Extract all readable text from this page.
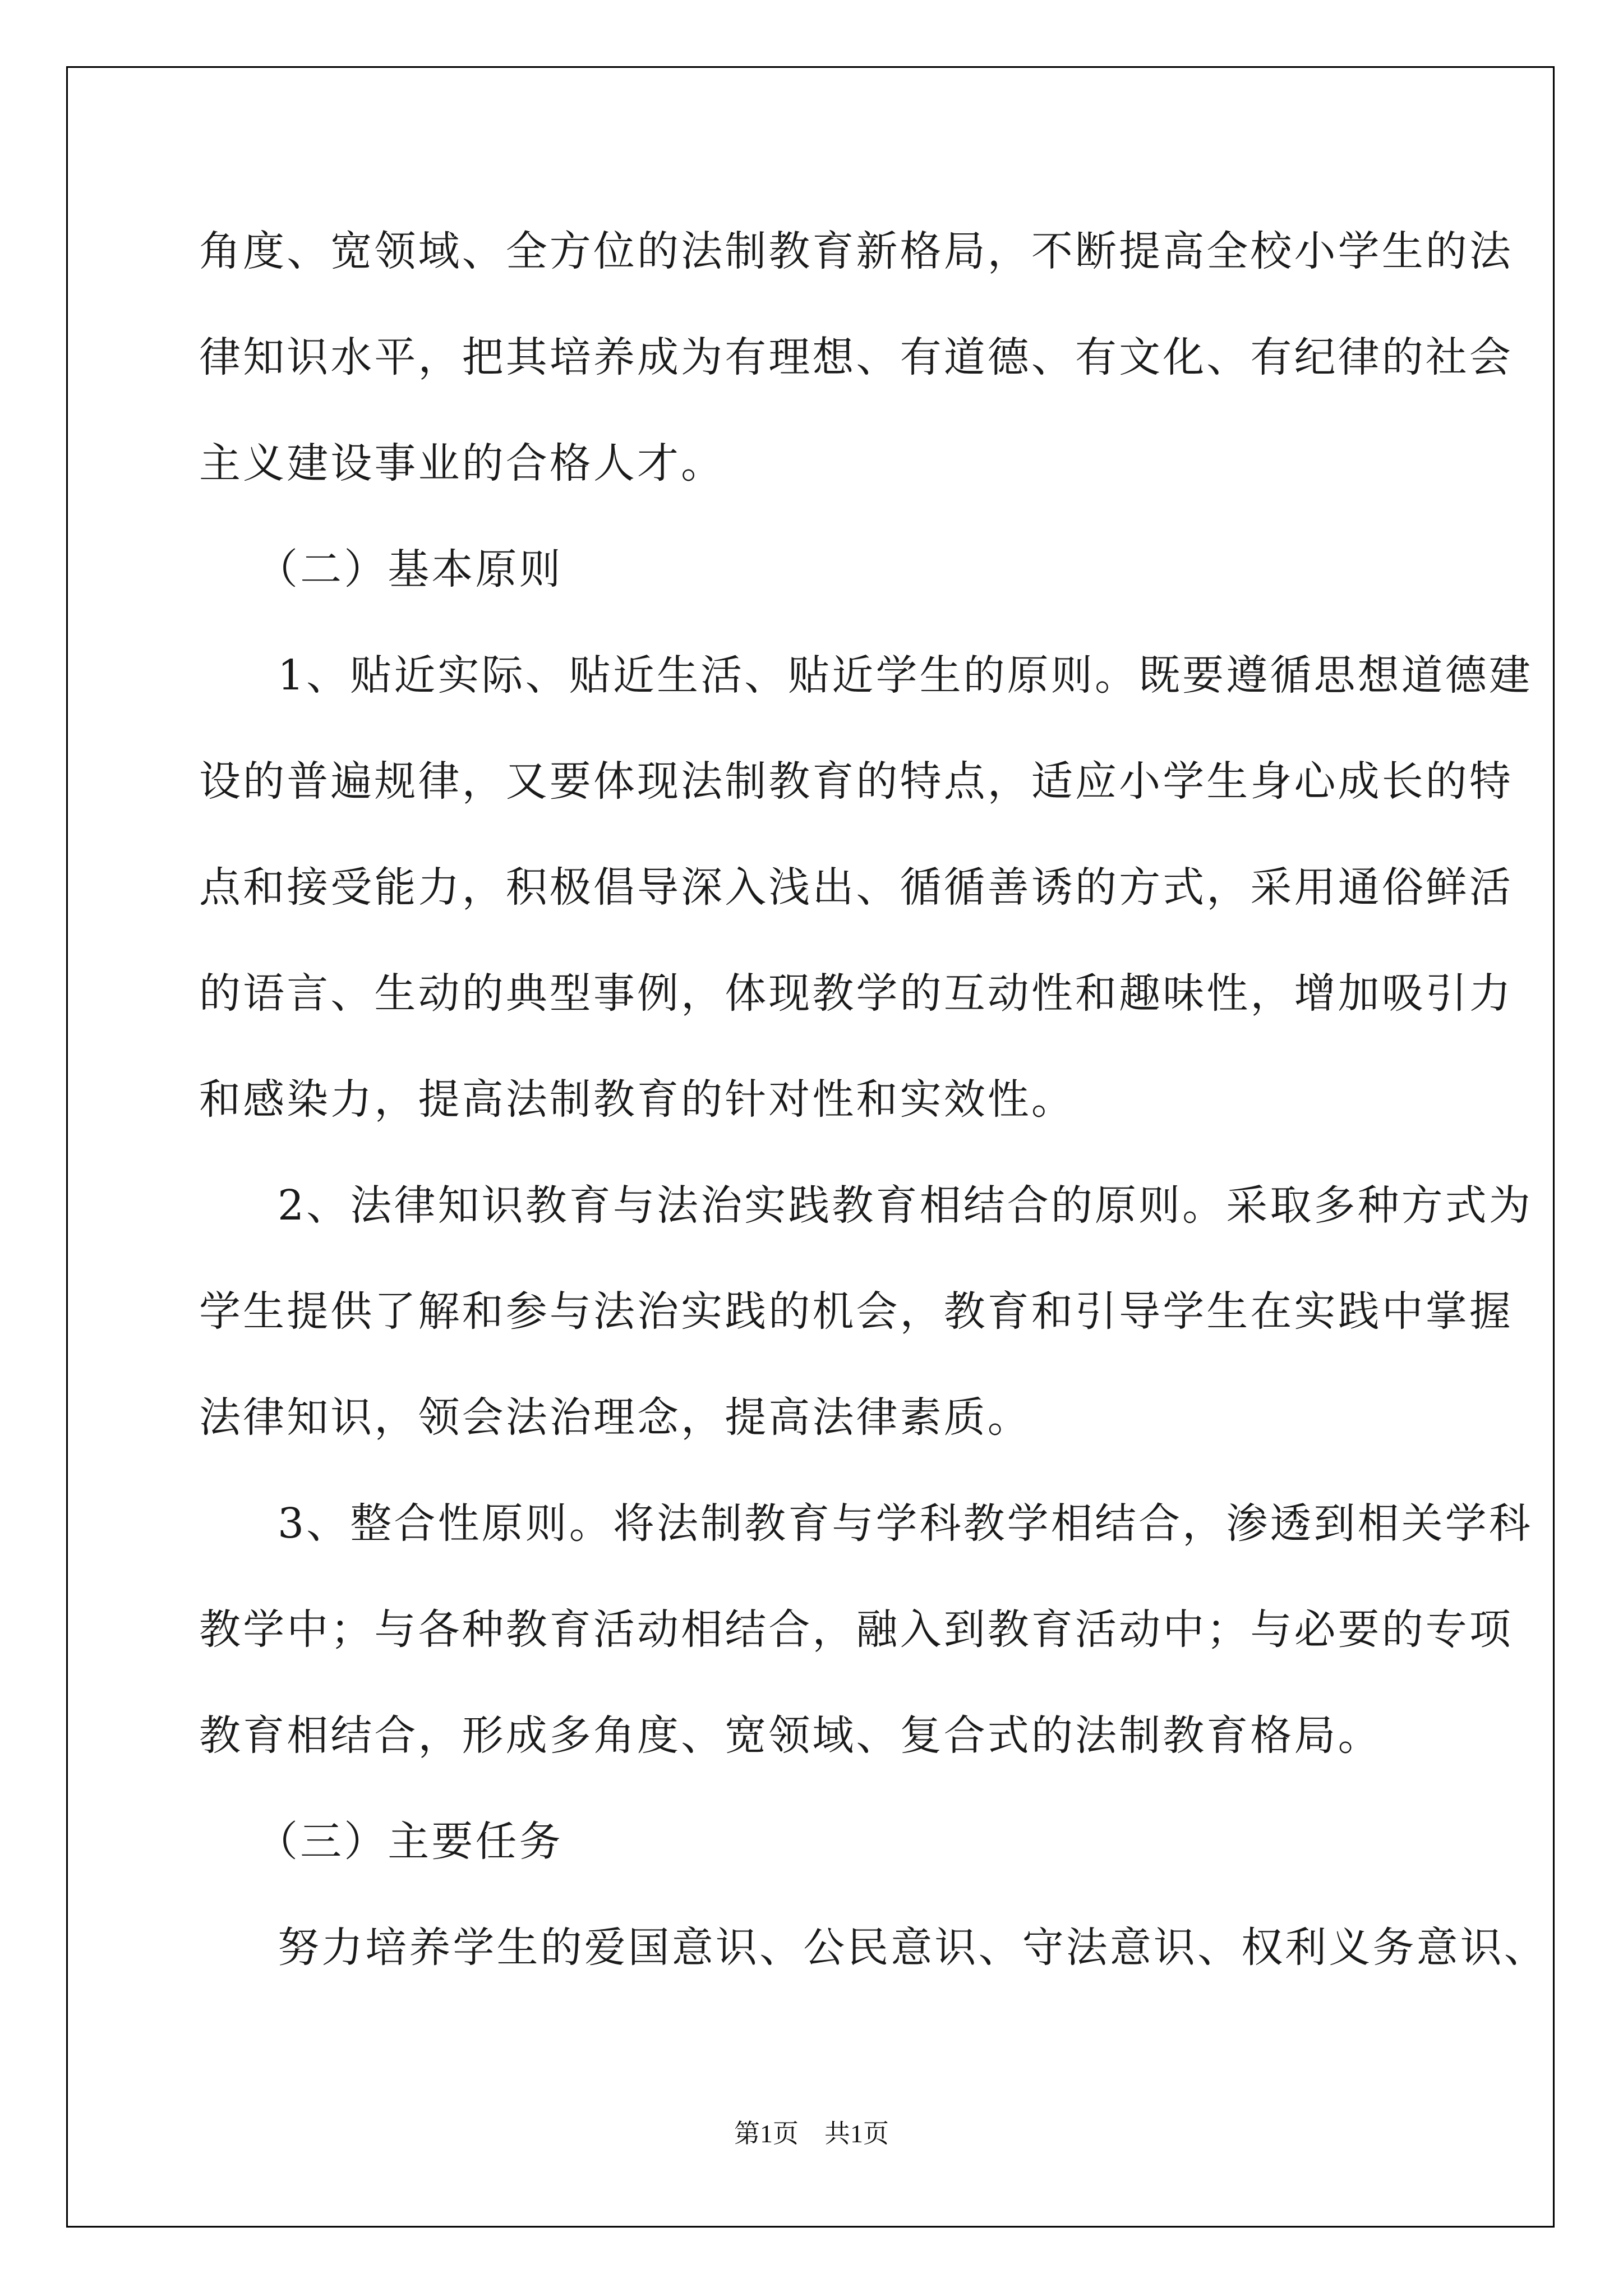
角度、宽领域、全方位的法制教育新格局，不断提高全校小学生的法
律知识水平，把其培养成为有理想、有道德、有文化、有纪律的社会
主义建设事业的合格人才。
（二）基本原则
1、贴近实际、贴近生活、贴近学生的原则。既要遵循思想道德建
设的普遍规律，又要体现法制教育的特点，适应小学生身心成长的特
点和接受能力，积极倡导深入浅出、循循善诱的方式，采用通俗鲜活
的语言、生动的典型事例，体现教学的互动性和趣味性，增加吸引力
和感染力，提高法制教育的针对性和实效性。
2、法律知识教育与法治实践教育相结合的原则。采取多种方式为
学生提供了解和参与法治实践的机会，教育和引导学生在实践中掌握
法律知识，领会法治理念，提高法律素质。
3、整合性原则。将法制教育与学科教学相结合，渗透到相关学科
教学中；与各种教育活动相结合，融入到教育活动中；与必要的专项
教育相结合，形成多角度、宽领域、复合式的法制教育格局。
（三）主要任务
努力培养学生的爱国意识、公民意识、守法意识、权利义务意识、
第1页　共1页
